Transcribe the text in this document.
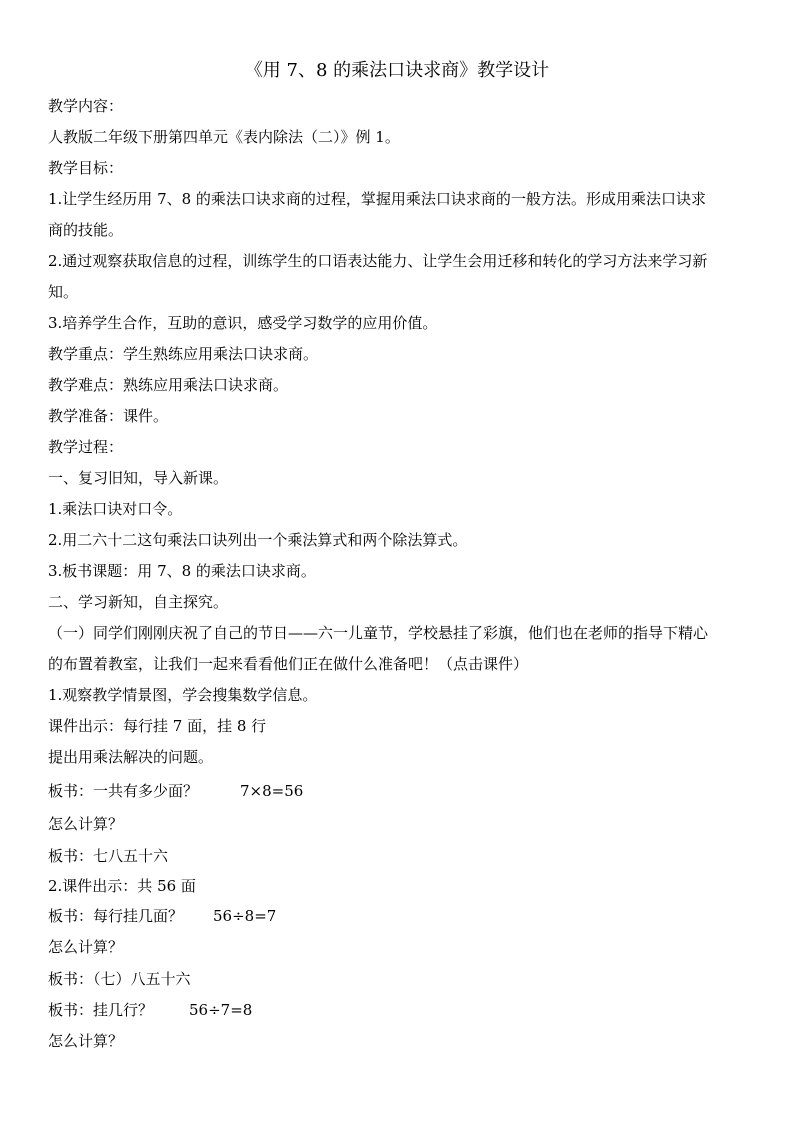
《用 7、8 的乘法口诀求商》教学设计
教学内容：
人教版二年级下册第四单元《表内除法（二）》例 1。
教学目标：
1.让学生经历用 7、8 的乘法口诀求商的过程，掌握用乘法口诀求商的一般方法。形成用乘法口诀求
商的技能。
2.通过观察获取信息的过程，训练学生的口语表达能力、让学生会用迁移和转化的学习方法来学习新
知。
3.培养学生合作，互助的意识，感受学习数学的应用价值。
教学重点：学生熟练应用乘法口诀求商。
教学难点：熟练应用乘法口诀求商。
教学准备：课件。
教学过程：
一、复习旧知，导入新课。
1.乘法口诀对口令。
2.用二六十二这句乘法口诀列出一个乘法算式和两个除法算式。
3.板书课题：用 7、8 的乘法口诀求商。
二、学习新知，自主探究。
（一）同学们刚刚庆祝了自己的节日——六一儿童节，学校悬挂了彩旗，他们也在老师的指导下精心
的布置着教室，让我们一起来看看他们正在做什么准备吧！（点击课件）
1.观察教学情景图，学会搜集数学信息。
课件出示：每行挂 7 面，挂 8 行
提出用乘法解决的问题。
板书：一共有多少面？	7×8=56
怎么计算？
板书：七八五十六
2.课件出示：共 56 面
板书：每行挂几面？ 56÷8=7
怎么计算？
板书：（七）八五十六
板书：挂几行？ 56÷7=8
怎么计算？
